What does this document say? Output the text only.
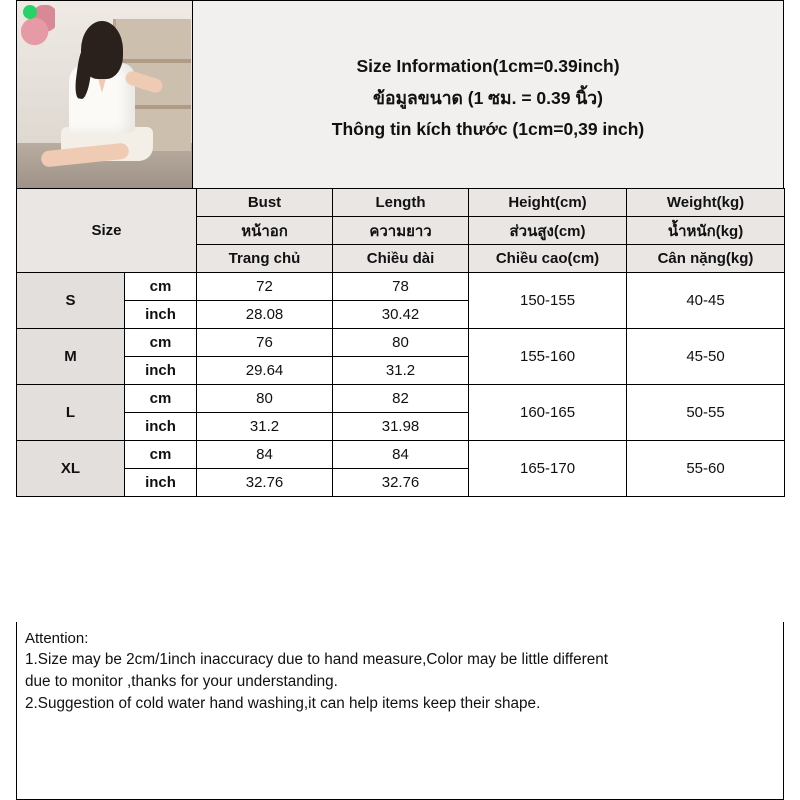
Size Information(1cm=0.39inch)
ข้อมูลขนาด (1 ซม. = 0.39 นิ้ว)
Thông tin kích thước (1cm=0,39 inch)
Size		Bust	Length	Height(cm)	Weight(kg)
		หน้าอก	ความยาว	ส่วนสูง(cm)	น้ำหนัก(kg)
		Trang chủ	Chiều dài	Chiều cao(cm)	Cân nặng(kg)
S	cm	72	78	150-155	40-45
	inch	28.08	30.42		
M	cm	76	80	155-160	45-50
	inch	29.64	31.2		
L	cm	80	82	160-165	50-55
	inch	31.2	31.98		
XL	cm	84	84	165-170	55-60
	inch	32.76	32.76		
Attention:
1.Size may be 2cm/1inch inaccuracy due to hand measure,Color may be little different
due to monitor ,thanks for your understanding.
2.Suggestion of cold water hand washing,it can help items keep their shape.
